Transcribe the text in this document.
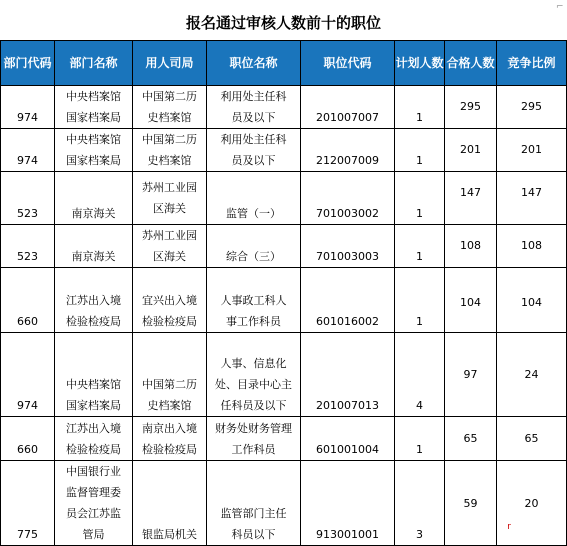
报名通过审核人数前十的职位
⌐
部门代码	部门名称	用人司局	职位名称	职位代码	计划人数	合格人数	竞争比例
974	中央档案馆国家档案局	中国第二历史档案馆	利用处主任科员及以下	201007007	1	295	295
974	中央档案馆国家档案局	中国第二历史档案馆	利用处主任科员及以下	212007009	1	201	201
523	南京海关	苏州工业园区海关	监管（一）	701003002	1	147	147
523	南京海关	苏州工业园区海关	综合（三）	701003003	1	108	108
660	江苏出入境检验检疫局	宜兴出入境检验检疫局	人事政工科人事工作科员	601016002	1	104	104
974	中央档案馆国家档案局	中国第二历史档案馆	人事、信息化处、目录中心主任科员及以下	201007013	4	97	24
660	江苏出入境检验检疫局	南京出入境检验检疫局	财务处财务管理工作科员	601001004	1	65	65
775	中国银行业监督管理委员会江苏监管局	银监局机关	监管部门主任科员以下	913001001	3	59	20
r
